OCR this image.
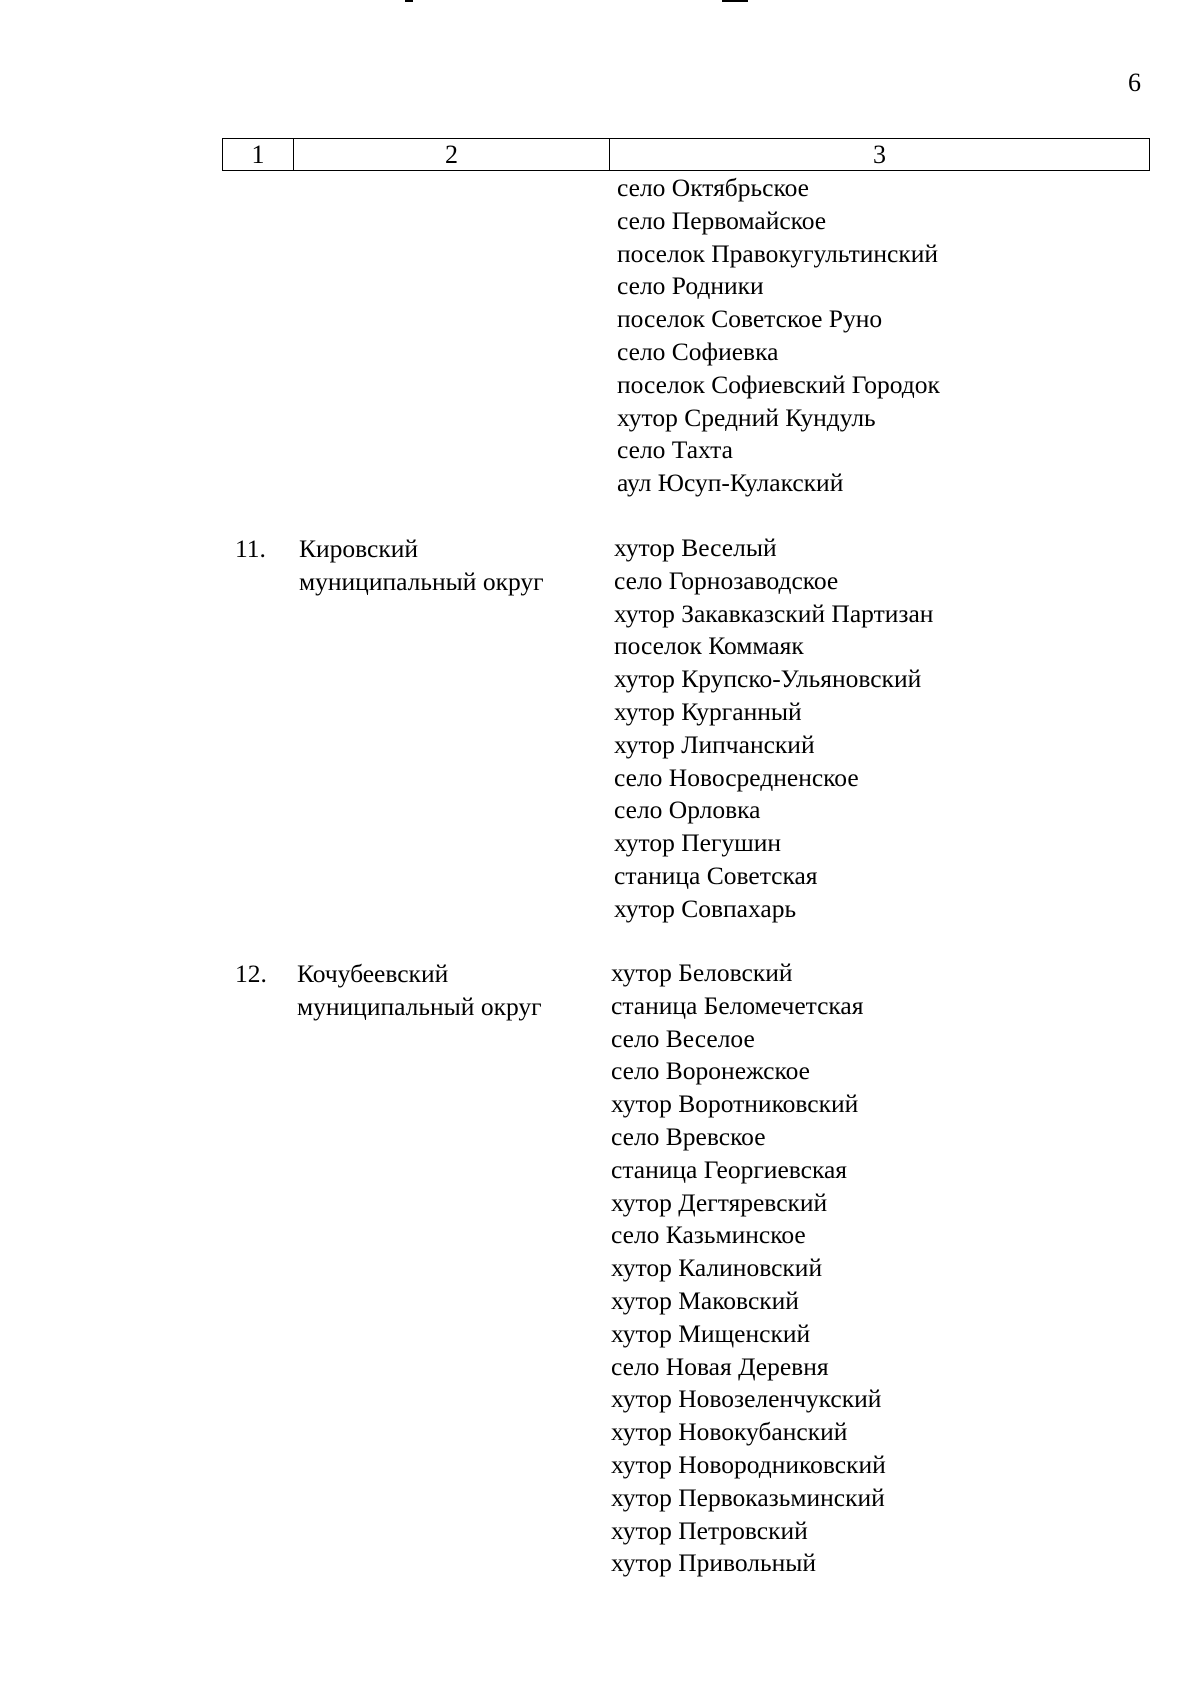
6
1	2	3
село Октябрьское
село Первомайское
поселок Правокугультинский
село Родники
поселок Советское Руно
село Софиевка
поселок Софиевский Городок
хутор Средний Кундуль
село Тахта
аул Юсуп-Кулакский
11. Кировский
муниципальный округ
хутор Веселый
село Горнозаводское
хутор Закавказский Партизан
поселок Коммаяк
хутор Крупско-Ульяновский
хутор Курганный
хутор Липчанский
село Новосредненское
село Орловка
хутор Пегушин
станица Советская
хутор Совпахарь
12. Кочубеевский
муниципальный округ
хутор Беловский
станица Беломечетская
село Веселое
село Воронежское
хутор Воротниковский
село Вревское
станица Георгиевская
хутор Дегтяревский
село Казьминское
хутор Калиновский
хутор Маковский
хутор Мищенский
село Новая Деревня
хутор Новозеленчукский
хутор Новокубанский
хутор Новородниковский
хутор Первоказьминский
хутор Петровский
хутор Привольный
